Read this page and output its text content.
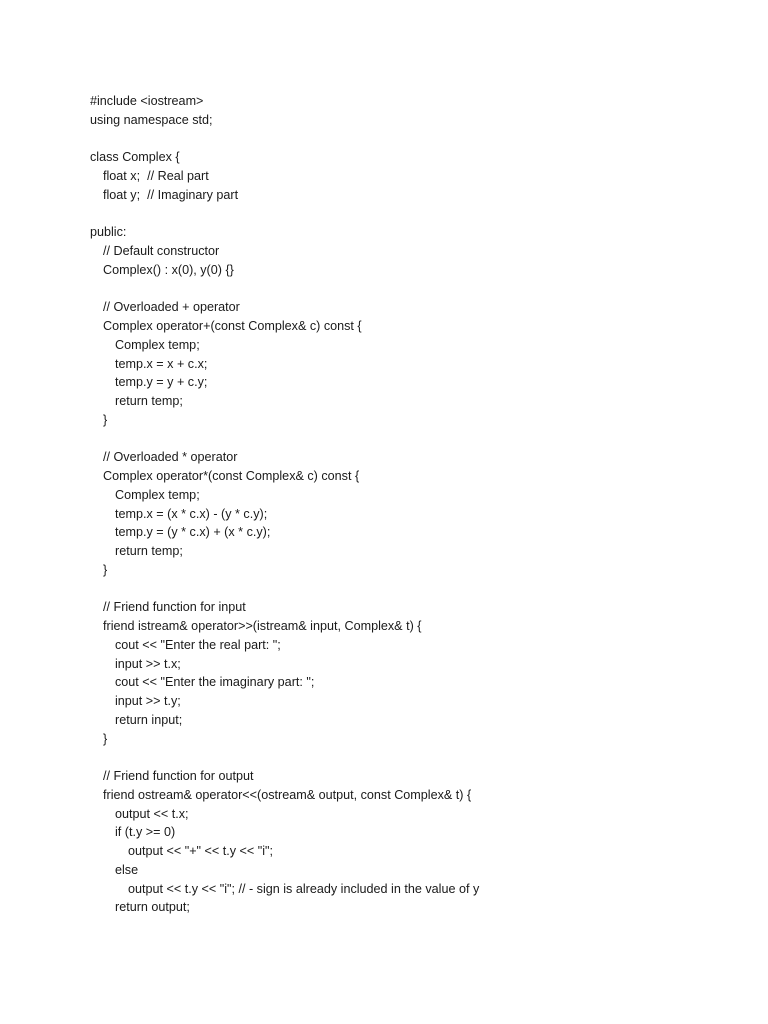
#include <iostream>
using namespace std;
class Complex {
float x;  // Real part
float y;  // Imaginary part
public:
// Default constructor
Complex() : x(0), y(0) {}
// Overloaded + operator
Complex operator+(const Complex& c) const {
Complex temp;
temp.x = x + c.x;
temp.y = y + c.y;
return temp;
}
// Overloaded * operator
Complex operator*(const Complex& c) const {
Complex temp;
temp.x = (x * c.x) - (y * c.y);
temp.y = (y * c.x) + (x * c.y);
return temp;
}
// Friend function for input
friend istream& operator>>(istream& input, Complex& t) {
cout << "Enter the real part: ";
input >> t.x;
cout << "Enter the imaginary part: ";
input >> t.y;
return input;
}
// Friend function for output
friend ostream& operator<<(ostream& output, const Complex& t) {
output << t.x;
if (t.y >= 0)
output << "+" << t.y << "i";
else
output << t.y << "i"; // - sign is already included in the value of y
return output;
